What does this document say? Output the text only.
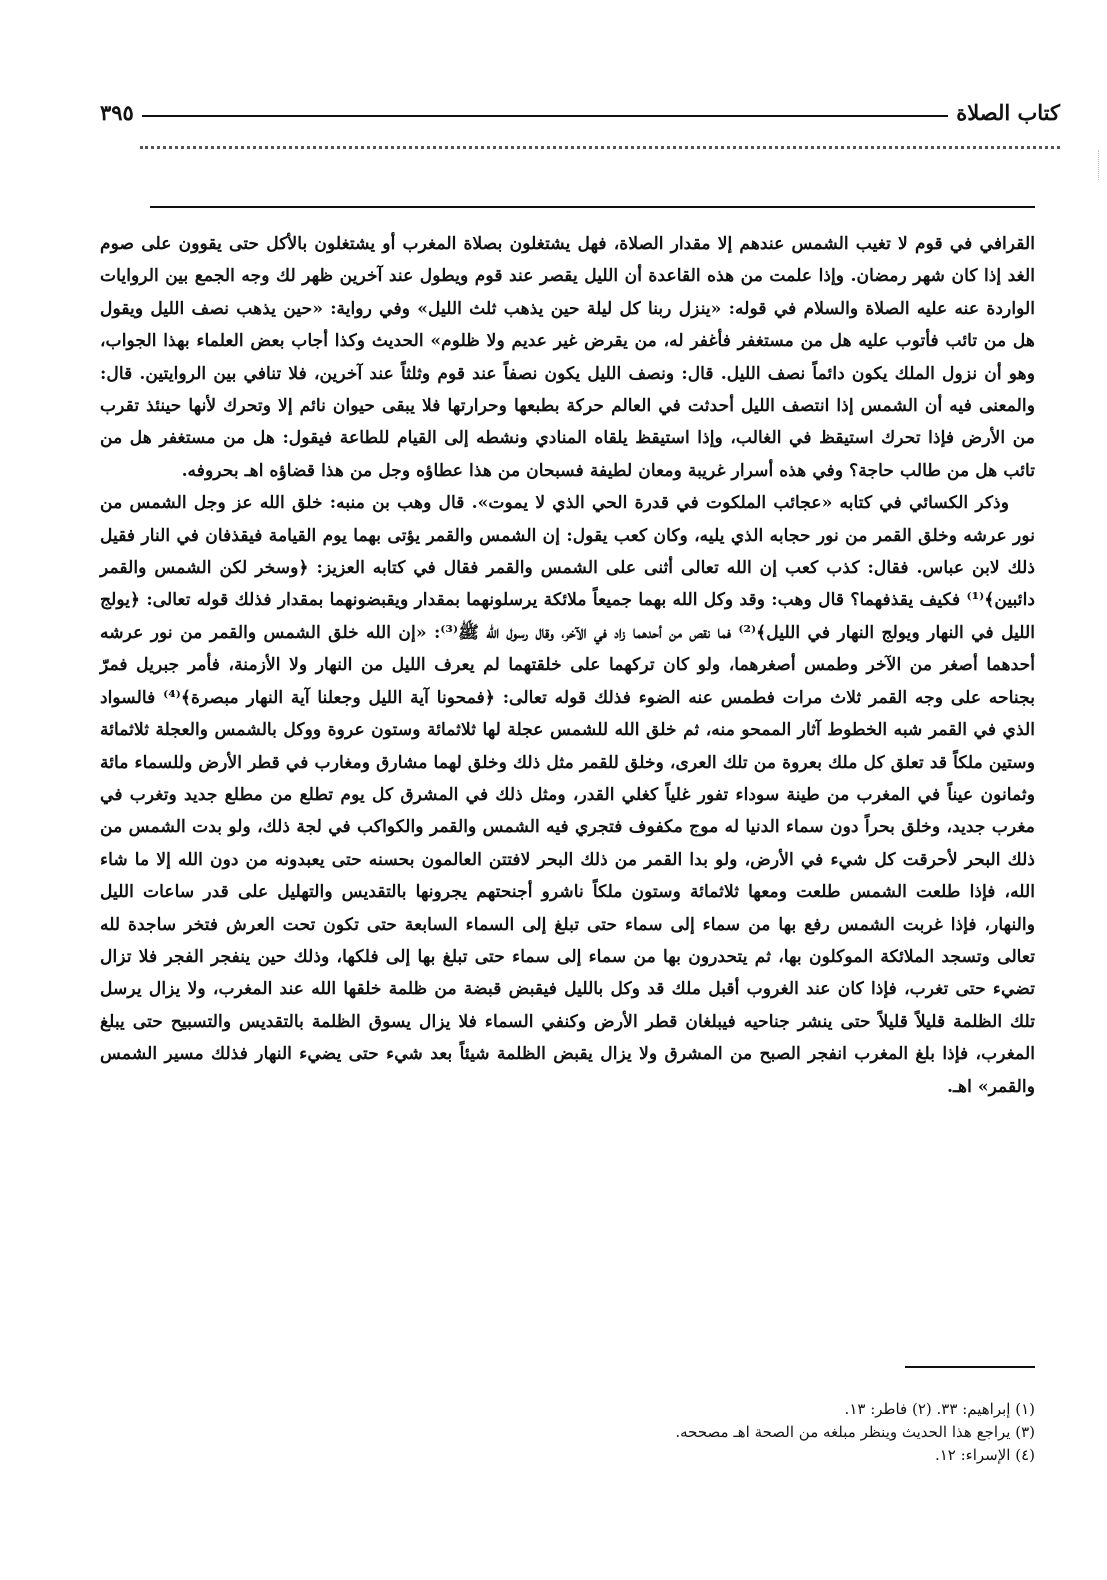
كتاب الصلاة
٣٩٥

القرافي في قوم لا تغيب الشمس عندهم إلا مقدار الصلاة، فهل يشتغلون بصلاة المغرب أو يشتغلون بالأكل حتى يقوون على صوم الغد إذا كان شهر رمضان. وإذا علمت من هذه القاعدة أن الليل يقصر عند قوم ويطول عند آخرين ظهر لك وجه الجمع بين الروايات الواردة عنه عليه الصلاة والسلام في قوله: «ينزل ربنا كل ليلة حين يذهب ثلث الليل» وفي رواية: «حين يذهب نصف الليل ويقول هل من تائب فأتوب عليه هل من مستغفر فأغفر له، من يقرض غير عديم ولا ظلوم» الحديث وكذا أجاب بعض العلماء بهذا الجواب، وهو أن نزول الملك يكون دائماً نصف الليل. قال: ونصف الليل يكون نصفاً عند قوم وثلثاً عند آخرين، فلا تنافي بين الروايتين. قال: والمعنى فيه أن الشمس إذا انتصف الليل أحدثت في العالم حركة بطبعها وحرارتها فلا يبقى حيوان نائم إلا وتحرك لأنها حينئذ تقرب من الأرض فإذا تحرك استيقظ في الغالب، وإذا استيقظ يلقاه المنادي ونشطه إلى القيام للطاعة فيقول: هل من مستغفر هل من تائب هل من طالب حاجة؟ وفي هذه أسرار غريبة ومعان لطيفة فسبحان من هذا عطاؤه وجل من هذا قضاؤه اهـ بحروفه.

وذكر الكسائي في كتابه «عجائب الملكوت في قدرة الحي الذي لا يموت». قال وهب بن منبه: خلق الله عز وجل الشمس من نور عرشه وخلق القمر من نور حجابه الذي يليه، وكان كعب يقول: إن الشمس والقمر يؤتى بهما يوم القيامة فيقذفان في النار فقيل ذلك لابن عباس. فقال: كذب كعب إن الله تعالى أثنى على الشمس والقمر فقال في كتابه العزيز: ﴿وسخر لكن الشمس والقمر دائبين﴾⁽¹⁾ فكيف يقذفهما؟ قال وهب: وقد وكل الله بهما جميعاً ملائكة يرسلونهما بمقدار ويقبضونهما بمقدار فذلك قوله تعالى: ﴿يولج الليل في النهار ويولج النهار في الليل﴾⁽²⁾ فما نقص من أحدهما زاد في الآخر، وقال رسول الله ﷺ⁽³⁾: «إن الله خلق الشمس والقمر من نور عرشه أحدهما أصغر من الآخر وطمس أصغرهما، ولو كان تركهما على خلقتهما لم يعرف الليل من النهار ولا الأزمنة، فأمر جبريل فمرّ بجناحه على وجه القمر ثلاث مرات فطمس عنه الضوء فذلك قوله تعالى: ﴿فمحونا آية الليل وجعلنا آية النهار مبصرة﴾⁽⁴⁾ فالسواد الذي في القمر شبه الخطوط آثار الممحو منه، ثم خلق الله للشمس عجلة لها ثلاثمائة وستون عروة ووكل بالشمس والعجلة ثلاثمائة وستين ملكاً قد تعلق كل ملك بعروة من تلك العرى، وخلق للقمر مثل ذلك وخلق لهما مشارق ومغارب في قطر الأرض وللسماء مائة وثمانون عيناً في المغرب من طينة سوداء تفور غلياً كغلي القدر، ومثل ذلك في المشرق كل يوم تطلع من مطلع جديد وتغرب في مغرب جديد، وخلق بحراً دون سماء الدنيا له موج مكفوف فتجري فيه الشمس والقمر والكواكب في لجة ذلك، ولو بدت الشمس من ذلك البحر لأحرقت كل شيء في الأرض، ولو بدا القمر من ذلك البحر لافتتن العالمون بحسنه حتى يعبدونه من دون الله إلا ما شاء الله، فإذا طلعت الشمس طلعت ومعها ثلاثمائة وستون ملكاً ناشرو أجنحتهم يجرونها بالتقديس والتهليل على قدر ساعات الليل والنهار، فإذا غربت الشمس رفع بها من سماء إلى سماء حتى تبلغ إلى السماء السابعة حتى تكون تحت العرش فتخر ساجدة لله تعالى وتسجد الملائكة الموكلون بها، ثم يتحدرون بها من سماء إلى سماء حتى تبلغ بها إلى فلكها، وذلك حين ينفجر الفجر فلا تزال تضيء حتى تغرب، فإذا كان عند الغروب أقبل ملك قد وكل بالليل فيقبض قبضة من ظلمة خلقها الله عند المغرب، ولا يزال يرسل تلك الظلمة قليلاً قليلاً حتى ينشر جناحيه فيبلغان قطر الأرض وكنفي السماء فلا يزال يسوق الظلمة بالتقديس والتسبيح حتى يبلغ المغرب، فإذا بلغ المغرب انفجر الصبح من المشرق ولا يزال يقبض الظلمة شيئاً بعد شيء حتى يضيء النهار فذلك مسير الشمس والقمر» اهـ.

(١) إبراهيم: ٣٣. (٢) فاطر: ١٣.
(٣) يراجع هذا الحديث وينظر مبلغه من الصحة اهـ مصححه.
(٤) الإسراء: ١٢.
